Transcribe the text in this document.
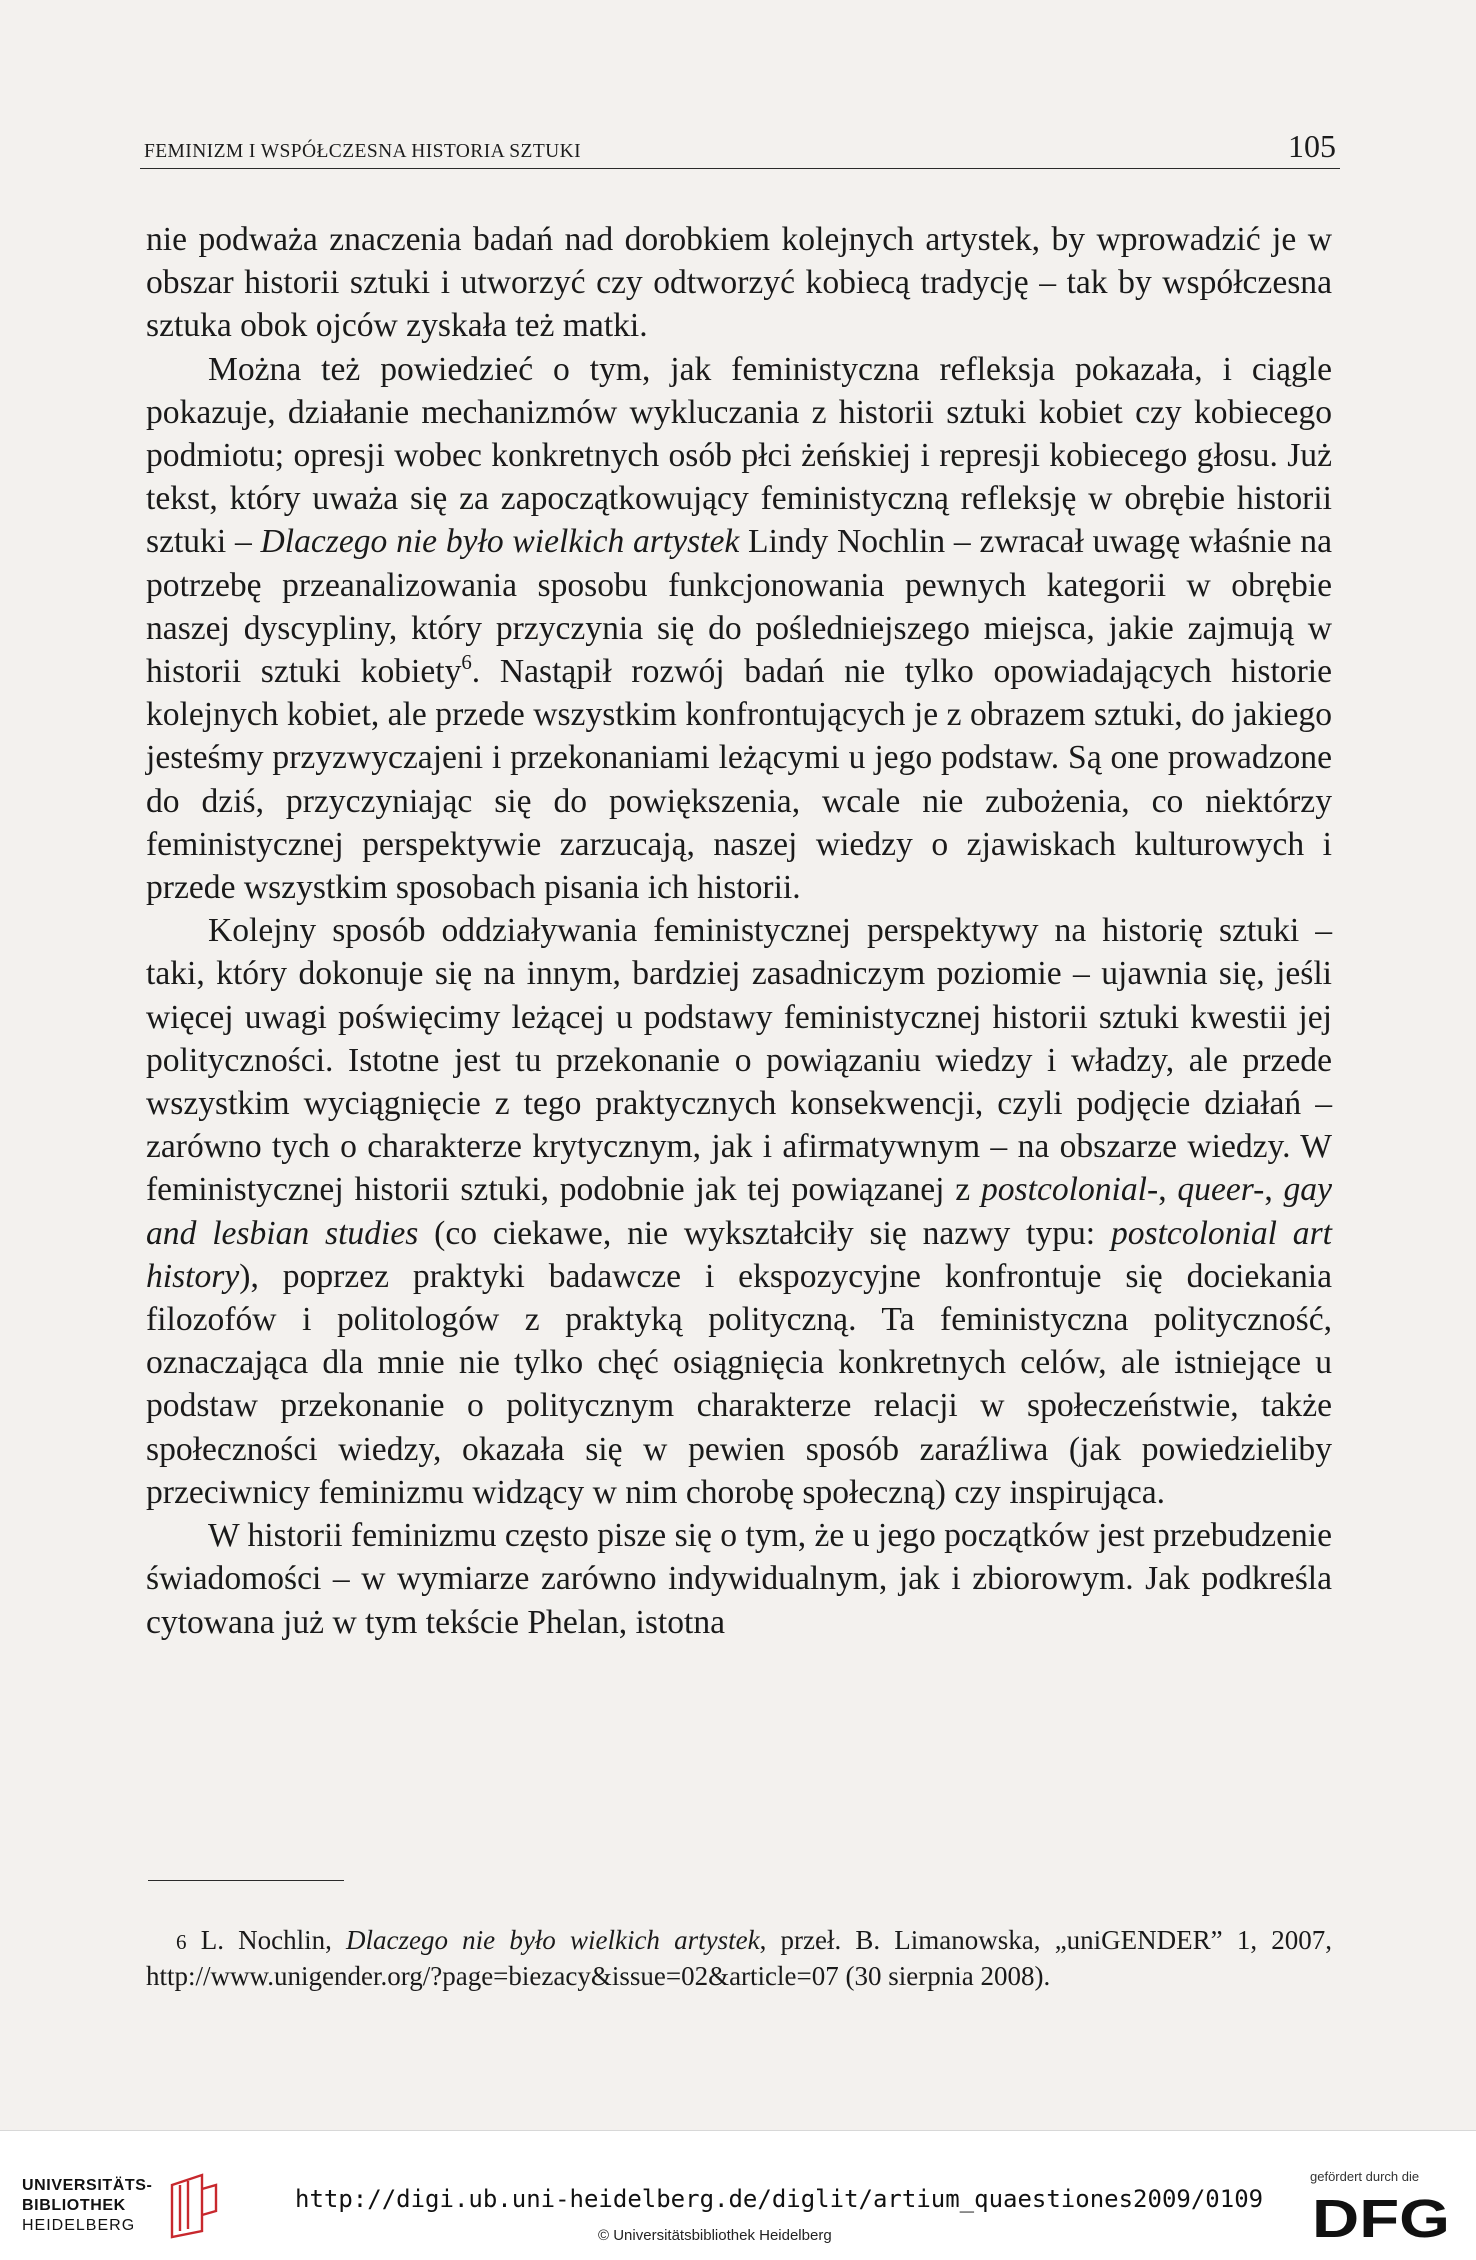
FEMINIZM I WSPÓŁCZESNA HISTORIA SZTUKI	105

nie podważa znaczenia badań nad dorobkiem kolejnych artystek, by wprowadzić je w obszar historii sztuki i utworzyć czy odtworzyć kobiecą tradycję – tak by współczesna sztuka obok ojców zyskała też matki.

Można też powiedzieć o tym, jak feministyczna refleksja pokazała, i ciągle pokazuje, działanie mechanizmów wykluczania z historii sztuki kobiet czy kobiecego podmiotu; opresji wobec konkretnych osób płci żeńskiej i represji kobiecego głosu. Już tekst, który uważa się za zapoczątkowujący feministyczną refleksję w obrębie historii sztuki – Dlaczego nie było wielkich artystek Lindy Nochlin – zwracał uwagę właśnie na potrzebę przeanalizowania sposobu funkcjonowania pewnych kategorii w obrębie naszej dyscypliny, który przyczynia się do pośledniejszego miejsca, jakie zajmują w historii sztuki kobiety$^6$. Nastąpił rozwój badań nie tylko opowiadających historie kolejnych kobiet, ale przede wszystkim konfrontujących je z obrazem sztuki, do jakiego jesteśmy przyzwyczajeni i przekonaniami leżącymi u jego podstaw. Są one prowadzone do dziś, przyczyniając się do powiększenia, wcale nie zubożenia, co niektórzy feministycznej perspektywie zarzucają, naszej wiedzy o zjawiskach kulturowych i przede wszystkim sposobach pisania ich historii.

Kolejny sposób oddziaływania feministycznej perspektywy na historię sztuki – taki, który dokonuje się na innym, bardziej zasadniczym poziomie – ujawnia się, jeśli więcej uwagi poświęcimy leżącej u podstawy feministycznej historii sztuki kwestii jej polityczności. Istotne jest tu przekonanie o powiązaniu wiedzy i władzy, ale przede wszystkim wyciągnięcie z tego praktycznych konsekwencji, czyli podjęcie działań – zarówno tych o charakterze krytycznym, jak i afirmatywnym – na obszarze wiedzy. W feministycznej historii sztuki, podobnie jak tej powiązanej z postcolonial-, queer-, gay and lesbian studies (co ciekawe, nie wykształciły się nazwy typu: postcolonial art history), poprzez praktyki badawcze i ekspozycyjne konfrontuje się dociekania filozofów i politologów z praktyką polityczną. Ta feministyczna polityczność, oznaczająca dla mnie nie tylko chęć osiągnięcia konkretnych celów, ale istniejące u podstaw przekonanie o politycznym charakterze relacji w społeczeństwie, także społeczności wiedzy, okazała się w pewien sposób zaraźliwa (jak powiedzieliby przeciwnicy feminizmu widzący w nim chorobę społeczną) czy inspirująca.

W historii feminizmu często pisze się o tym, że u jego początków jest przebudzenie świadomości – w wymiarze zarówno indywidualnym, jak i zbiorowym. Jak podkreśla cytowana już w tym tekście Phelan, istotna

6 L. Nochlin, Dlaczego nie było wielkich artystek, przeł. B. Limanowska, „uniGENDER” 1, 2007, http://www.unigender.org/?page=biezacy&issue=02&article=07 (30 sierpnia 2008).

UNIVERSITÄTS-
BIBLIOTHEK
HEIDELBERG
http://digi.ub.uni-heidelberg.de/diglit/artium_quaestiones2009/0109
© Universitätsbibliothek Heidelberg
gefördert durch die
DFG
